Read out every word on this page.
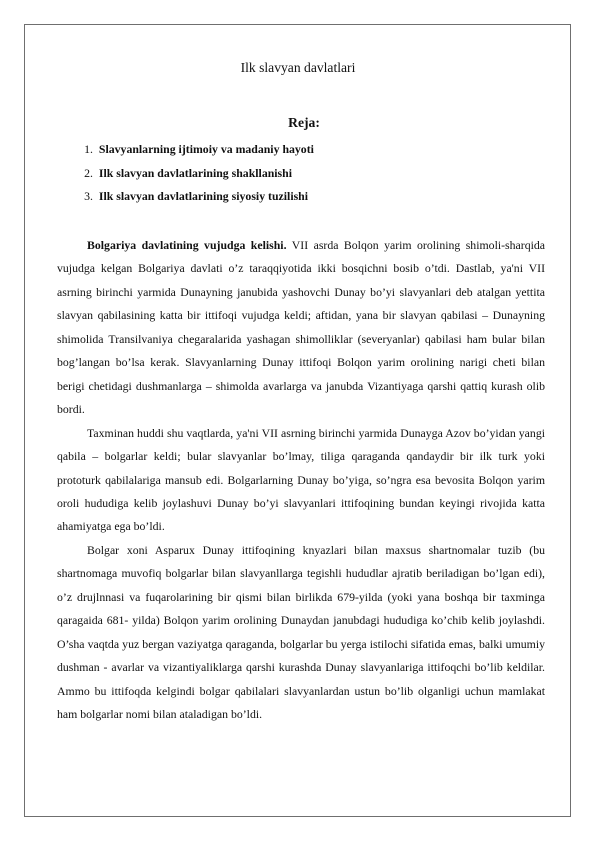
Ilk slavyan davlatlari
Reja:
1.
Slavyanlarning ijtimoiy va madaniy hayoti
2.
Ilk slavyan davlatlarining shakllanishi
3.
Ilk slavyan davlatlarining siyosiy tuzilishi

Bolgariya davlatining vujudga kelishi. VII asrda Bolqon yarim orolining shimoli-sharqida vujudga kelgan Bolgariya davlati o’z taraqqiyotida ikki bosqichni bosib o’tdi. Dastlab, ya'ni VII asrning birinchi yarmida Dunayning janubida yashovchi Dunay bo’yi slavyanlari deb atalgan yettita slavyan qabilasining katta bir ittifoqi vujudga keldi; aftidan, yana bir slavyan qabilasi – Dunayning shimolida Transilvaniya chegaralarida yashagan shimolliklar (severyanlar) qabilasi ham bular bilan bog’langan bo’lsa kerak. Slavyanlarning Dunay ittifoqi Bolqon yarim orolining narigi cheti bilan berigi chetidagi dushmanlarga – shimolda avarlarga va janubda Vizantiyaga qarshi qattiq kurash olib bordi.

Taxminan huddi shu vaqtlarda, ya'ni VII asrning birinchi yarmida Dunayga Azov bo’yidan yangi qabila – bolgarlar keldi; bular slavyanlar bo’lmay, tiliga qaraganda qandaydir bir ilk turk yoki prototurk qabilalariga mansub edi. Bolgarlarning Dunay bo’yiga, so’ngra esa bevosita Bolqon yarim oroli hududiga kelib joylashuvi Dunay bo’yi slavyanlari ittifoqining bundan keyingi rivojida katta ahamiyatga ega bo’ldi.

Bolgar xoni Asparux Dunay ittifoqining knyazlari bilan maxsus shartnomalar tuzib (bu shartnomaga muvofiq bolgarlar bilan slavyanllarga tegishli hududlar ajratib beriladigan bo’lgan edi), o’z drujlnnasi va fuqarolarining bir qismi bilan birlikda 679-yilda (yoki yana boshqa bir taxminga qaragaida 681- yilda) Bolqon yarim orolining Dunaydan janubdagi hududiga ko’chib kelib joylashdi. O’sha vaqtda yuz bergan vaziyatga qaraganda, bolgarlar bu yerga istilochi sifatida emas, balki umumiy dushman - avarlar va vizantiyaliklarga qarshi kurashda Dunay slavyanlariga ittifoqchi bo’lib keldilar. Ammo bu ittifoqda kelgindi bolgar qabilalari slavyanlardan ustun bo’lib olganligi uchun mamlakat ham bolgarlar nomi bilan ataladigan bo’ldi.
